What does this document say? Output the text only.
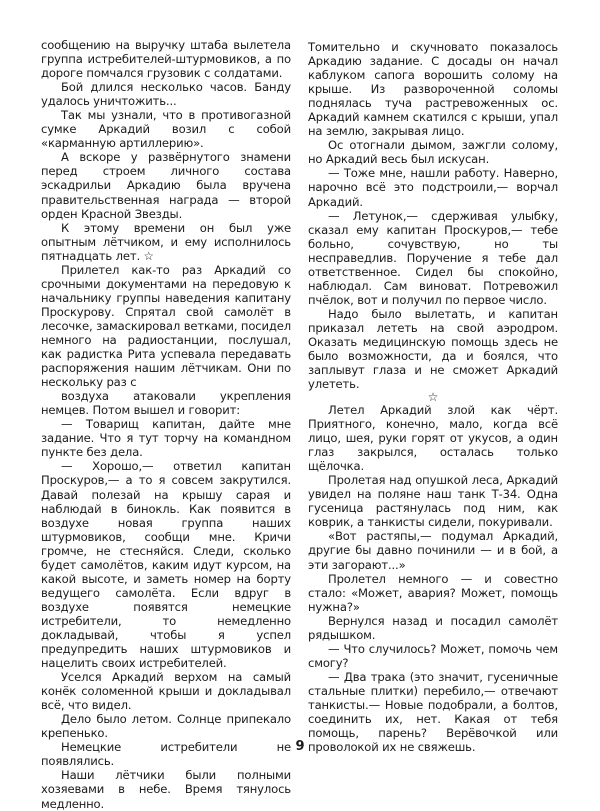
сообщению на выручку штаба вылетела группа истребителей-штурмовиков, а по дороге помчался грузовик с солдатами.

Бой длился несколько часов. Банду удалось уничтожить...

Так мы узнали, что в противогазной сумке Аркадий возил с собой «карманную артиллерию».

А вскоре у развёрнутого знамени перед строем личного состава эскадрильи Аркадию была вручена правительственная награда — второй орден Красной Звезды.

К этому времени он был уже опытным лётчиком, и ему исполнилось пятнадцать лет. ☆

Прилетел как-то раз Аркадий со срочными документами на передовую к начальнику группы наведения капитану Проскурову. Спрятал свой самолёт в лесочке, замаскировал ветками, посидел немного на радиостанции, послушал, как радистка Рита успевала передавать распоряжения нашим лётчикам. Они по нескольку раз с

воздуха атаковали укрепления немцев. Потом вышел и говорит:

— Товарищ капитан, дайте мне задание. Что я тут торчу на командном пункте без дела.

— Хорошо,— ответил капитан Проскуров,— а то я совсем закрутился. Давай полезай на крышу сарая и наблюдай в бинокль. Как появится в воздухе новая группа наших штурмовиков, сообщи мне. Кричи громче, не стесняйся. Следи, сколько будет самолётов, каким идут курсом, на какой высоте, и заметь номер на борту ведущего самолёта. Если вдруг в воздухе появятся немецкие истребители, то немедленно докладывай, чтобы я успел предупредить наших штурмовиков и нацелить своих истребителей.

Уселся Аркадий верхом на самый конёк соломенной крыши и докладывал всё, что видел.

Дело было летом. Солнце припекало крепенько.

Немецкие истребители не появлялись.

Наши лётчики были полными хозяевами в небе. Время тянулось медленно.

Томительно и скучновато показалось Аркадию задание. С досады он начал каблуком сапога ворошить солому на крыше. Из развороченной соломы поднялась туча растревоженных ос. Аркадий камнем скатился с крыши, упал на землю, закрывая лицо.

Ос отогнали дымом, зажгли солому, но Аркадий весь был искусан.

— Тоже мне, нашли работу. Наверно, нарочно всё это подстроили,— ворчал Аркадий.

— Летунок,— сдерживая улыбку, сказал ему капитан Проскуров,— тебе больно, сочувствую, но ты несправедлив. Поручение я тебе дал ответственное. Сидел бы спокойно, наблюдал. Сам виноват. Потревожил пчёлок, вот и получил по первое число.

Надо было вылетать, и капитан приказал лететь на свой аэродром. Оказать медицинскую помощь здесь не было возможности, да и боялся, что заплывут глаза и не сможет Аркадий улететь.

☆

Летел Аркадий злой как чёрт. Приятного, конечно, мало, когда всё лицо, шея, руки горят от укусов, а один глаз закрылся, осталась только щёлочка.

Пролетая над опушкой леса, Аркадий увидел на поляне наш танк Т-34. Одна гусеница растянулась под ним, как коврик, а танкисты сидели, покуривали.

«Вот растяпы,— подумал Аркадий, другие бы давно починили — и в бой, а эти загорают...»

Пролетел немного — и совестно стало: «Может, авария? Может, помощь нужна?»

Вернулся назад и посадил самолёт рядышком.

— Что случилось? Может, помочь чем смогу?

— Два трака (это значит, гусеничные стальные плитки) перебило,— отвечают танкисты.— Новые подобрали, а болтов, соединить их, нет. Какая от тебя помощь, парень? Верёвочкой или проволокой их не свяжешь.

9
